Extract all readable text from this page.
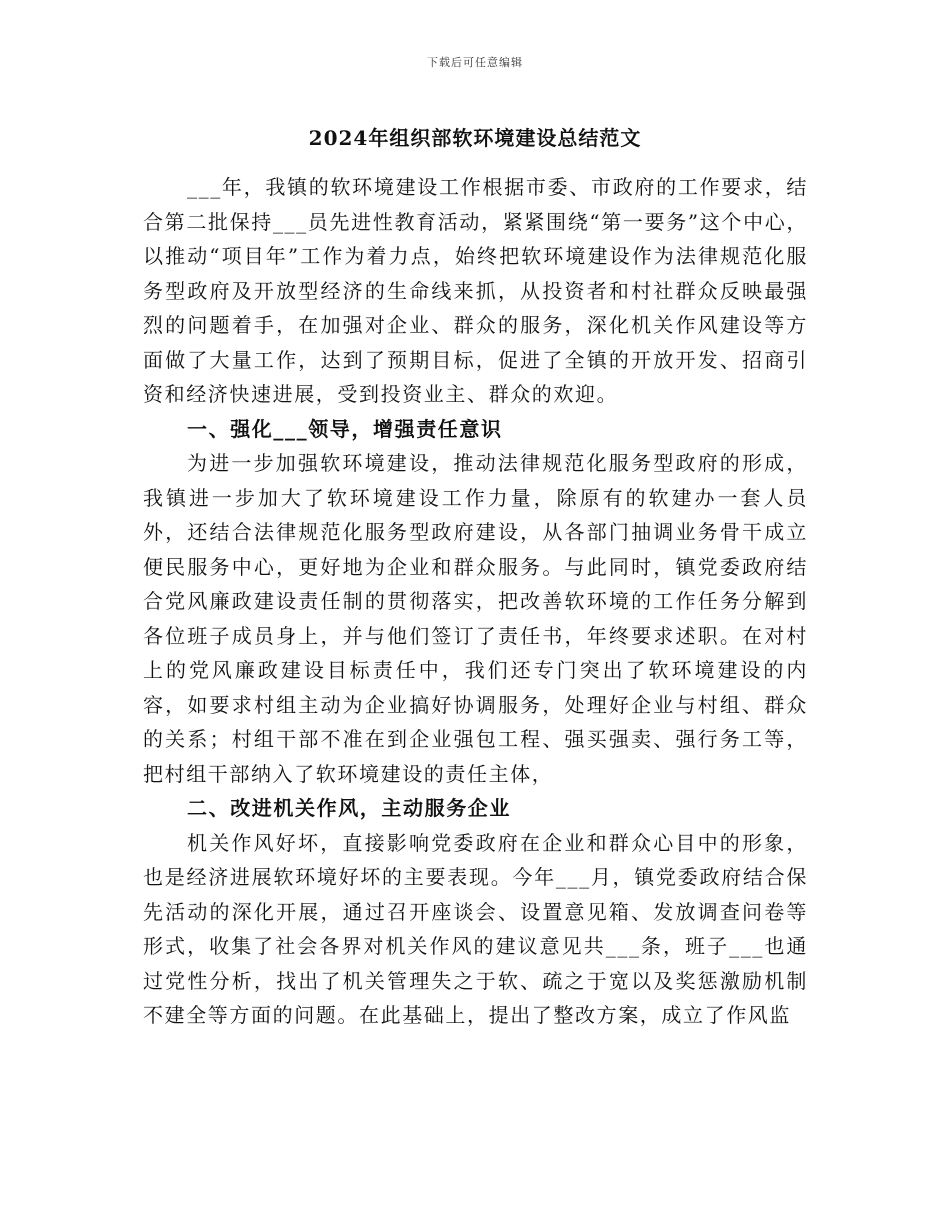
下载后可任意编辑
2024年组织部软环境建设总结范文

___年，我镇的软环境建设工作根据市委、市政府的工作要求，结合第二批保持___员先进性教育活动，紧紧围绕“第一要务”这个中心，以推动“项目年”工作为着力点，始终把软环境建设作为法律规范化服务型政府及开放型经济的生命线来抓，从投资者和村社群众反映最强烈的问题着手，在加强对企业、群众的服务，深化机关作风建设等方面做了大量工作，达到了预期目标，促进了全镇的开放开发、招商引资和经济快速进展，受到投资业主、群众的欢迎。

一、强化___领导，增强责任意识

为进一步加强软环境建设，推动法律规范化服务型政府的形成，我镇进一步加大了软环境建设工作力量，除原有的软建办一套人员外，还结合法律规范化服务型政府建设，从各部门抽调业务骨干成立便民服务中心，更好地为企业和群众服务。与此同时，镇党委政府结合党风廉政建设责任制的贯彻落实，把改善软环境的工作任务分解到各位班子成员身上，并与他们签订了责任书，年终要求述职。在对村上的党风廉政建设目标责任中，我们还专门突出了软环境建设的内容，如要求村组主动为企业搞好协调服务，处理好企业与村组、群众的关系；村组干部不准在到企业强包工程、强买强卖、强行务工等，把村组干部纳入了软环境建设的责任主体，

二、改进机关作风，主动服务企业

机关作风好坏，直接影响党委政府在企业和群众心目中的形象，也是经济进展软环境好坏的主要表现。今年___月，镇党委政府结合保先活动的深化开展，通过召开座谈会、设置意见箱、发放调查问卷等形式，收集了社会各界对机关作风的建议意见共___条，班子___也通过党性分析，找出了机关管理失之于软、疏之于宽以及奖惩激励机制不建全等方面的问题。在此基础上，提出了整改方案，成立了作风监
